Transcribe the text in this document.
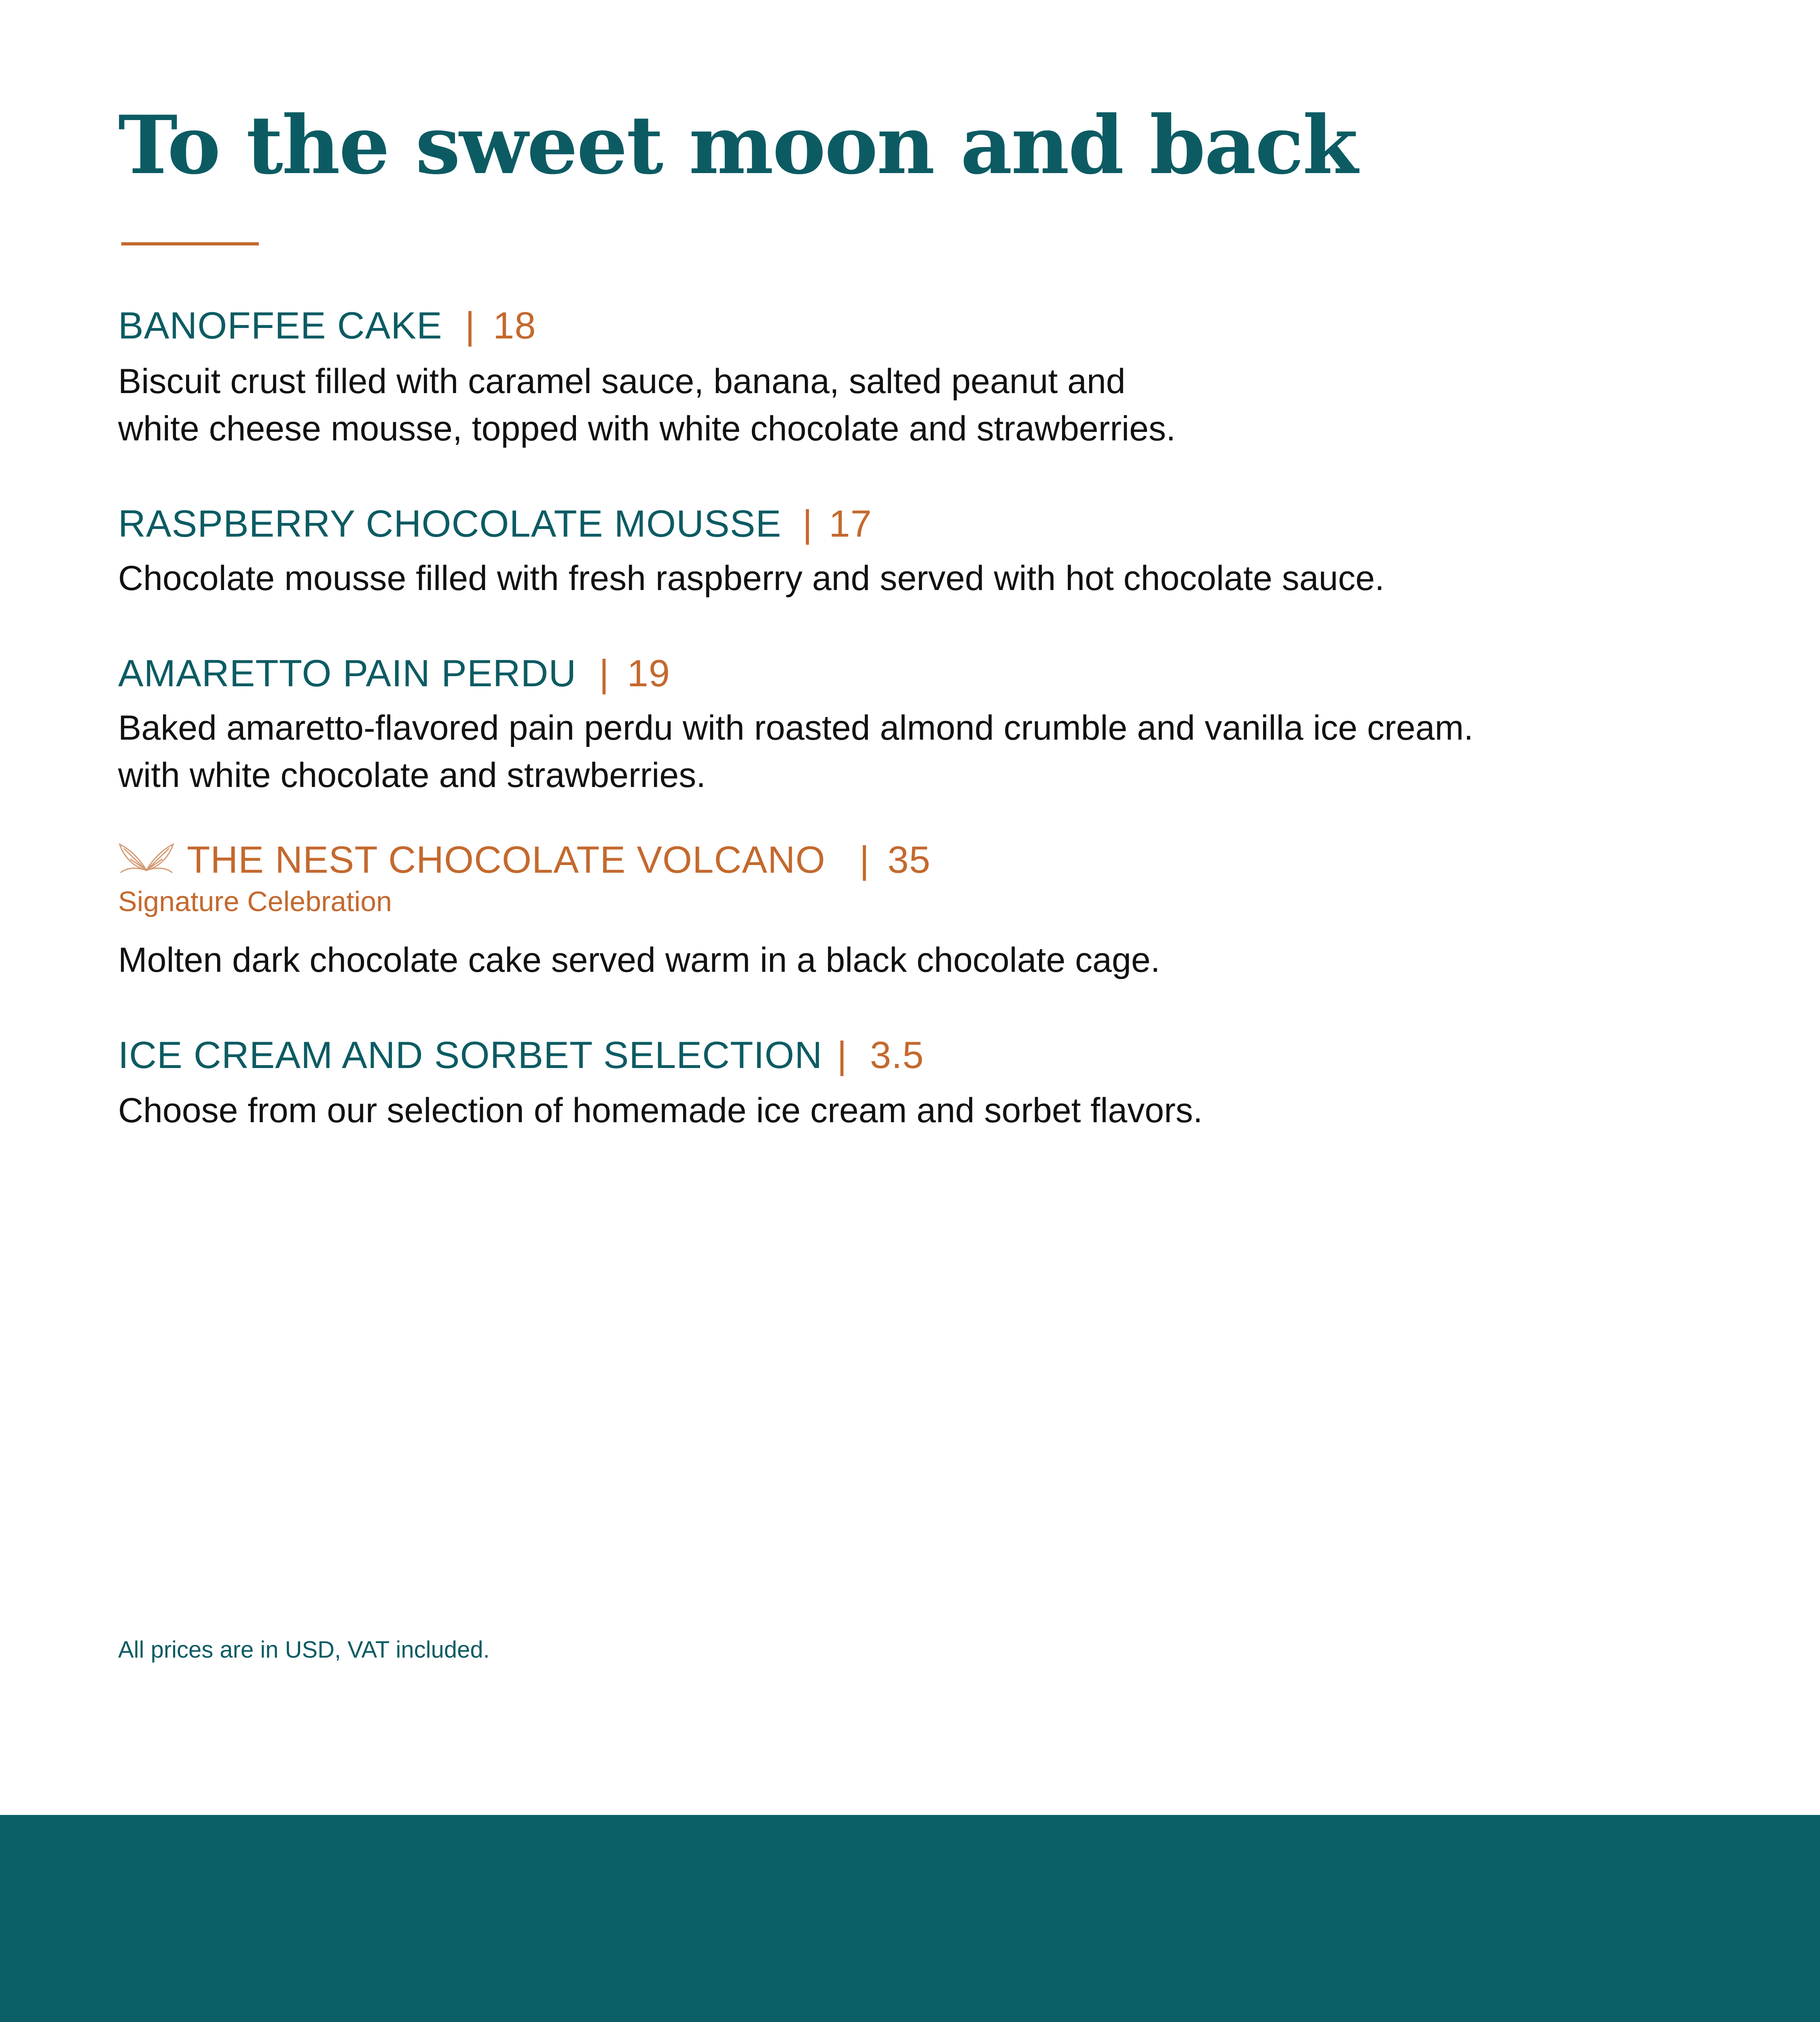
To the sweet moon and back
BANOFFEE CAKE | 18
Biscuit crust filled with caramel sauce, banana, salted peanut and
white cheese mousse, topped with white chocolate and strawberries.
RASPBERRY CHOCOLATE MOUSSE | 17
Chocolate mousse filled with fresh raspberry and served with hot chocolate sauce.
AMARETTO PAIN PERDU | 19
Baked amaretto-flavored pain perdu with roasted almond crumble and vanilla ice cream.
with white chocolate and strawberries.
THE NEST CHOCOLATE VOLCANO | 35
Signature Celebration
Molten dark chocolate cake served warm in a black chocolate cage.
ICE CREAM AND SORBET SELECTION | 3.5
Choose from our selection of homemade ice cream and sorbet flavors.
All prices are in USD, VAT included.
